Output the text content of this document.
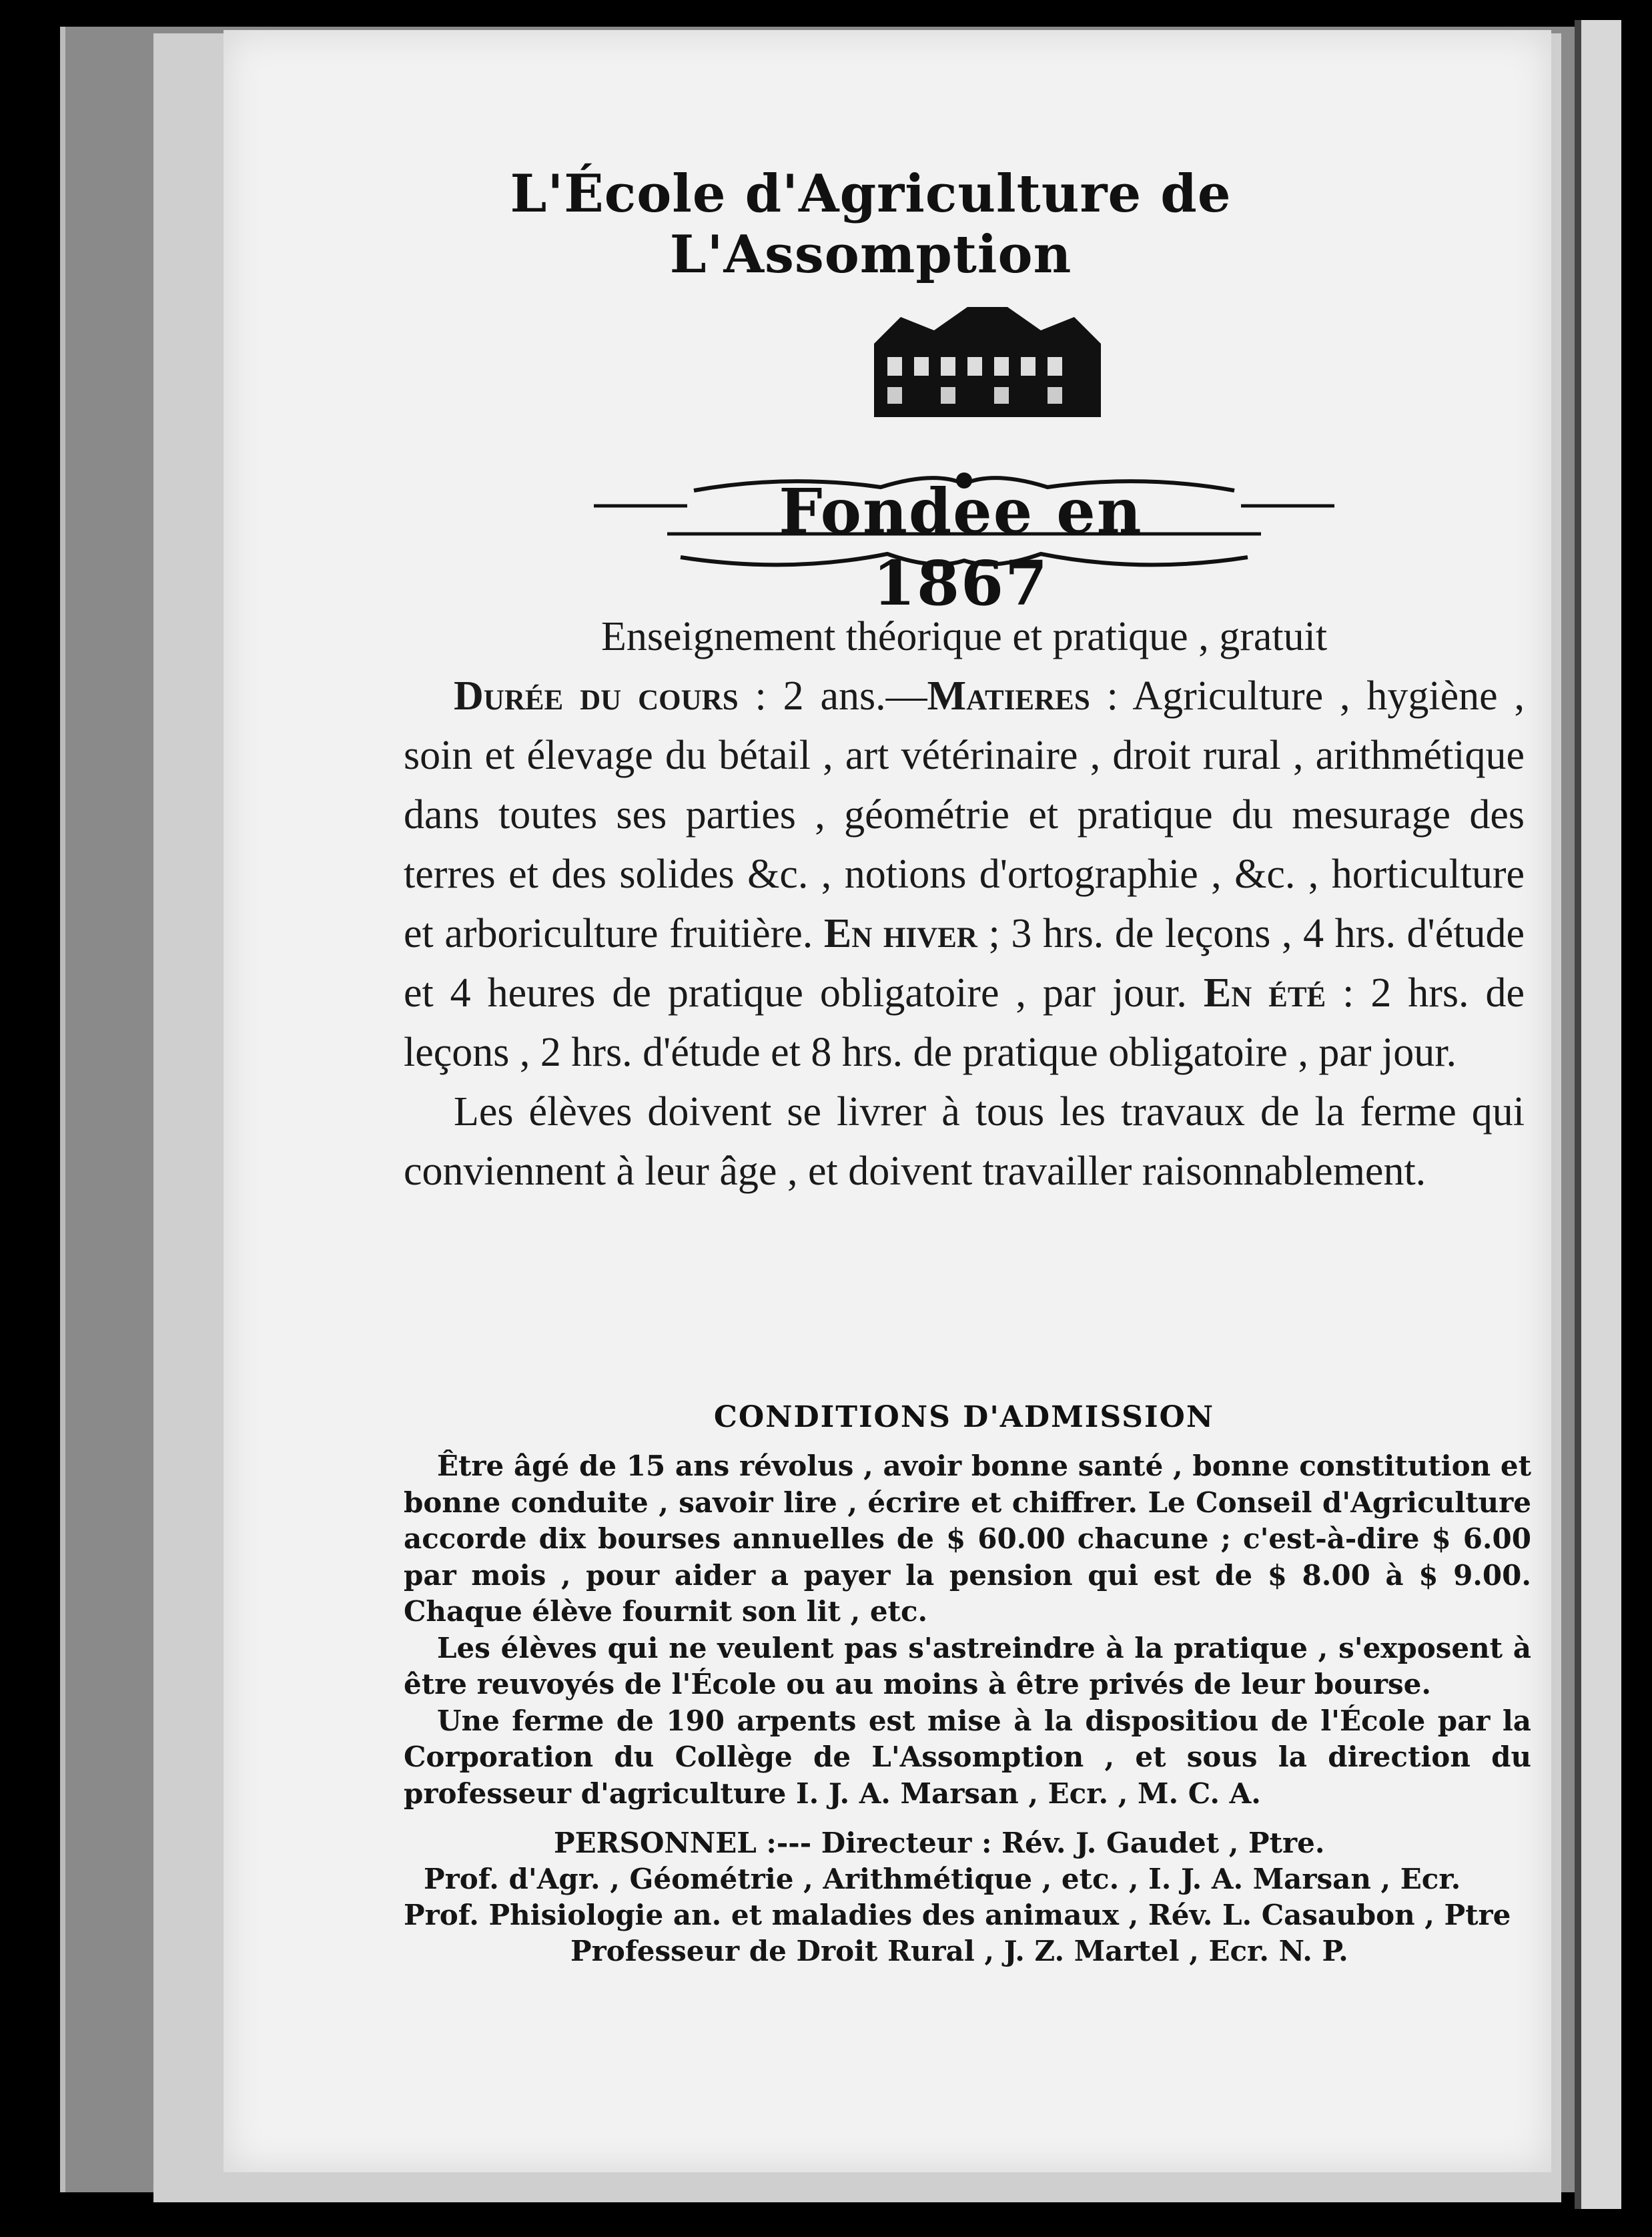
L'École d'Agriculture de L'Assomption
Fondee en 1867

Enseignement théorique et pratique , gratuit

Durée du cours : 2 ans.—Matieres : Agriculture , hygiène , soin et élevage du bétail , art vétérinaire , droit rural , arithmétique dans toutes ses parties , géométrie et pratique du mesurage des terres et des solides &c. , notions d'ortographie , &c. , horticulture et arboriculture fruitière. En hiver ; 3 hrs. de leçons , 4 hrs. d'étude et 4 heures de pratique obligatoire , par jour. En été : 2 hrs. de leçons , 2 hrs. d'étude et 8 hrs. de pratique obligatoire , par jour.

Les élèves doivent se livrer à tous les travaux de la ferme qui conviennent à leur âge , et doivent travailler raisonnablement.

CONDITIONS D'ADMISSION

Être âgé de 15 ans révolus , avoir bonne santé , bonne constitution et bonne conduite , savoir lire , écrire et chiffrer. Le Conseil d'Agriculture accorde dix bourses annuelles de $ 60.00 chacune ; c'est-à-dire $ 6.00 par mois , pour aider a payer la pension qui est de $ 8.00 à $ 9.00. Chaque élève fournit son lit , etc.

Les élèves qui ne veulent pas s'astreindre à la pratique , s'exposent à être reuvoyés de l'École ou au moins à être privés de leur bourse.

Une ferme de 190 arpents est mise à la dispositiou de l'École par la Corporation du Collège de L'Assomption , et sous la direction du professeur d'agriculture I. J. A. Marsan , Ecr. , M. C. A.

PERSONNEL :--- Directeur : Rév. J. Gaudet , Ptre.
Prof. d'Agr. , Géométrie , Arithmétique , etc. , I. J. A. Marsan , Ecr.
Prof. Phisiologie an. et maladies des animaux , Rév. L. Casaubon , Ptre
Professeur de Droit Rural , J. Z. Martel , Ecr. N. P.
